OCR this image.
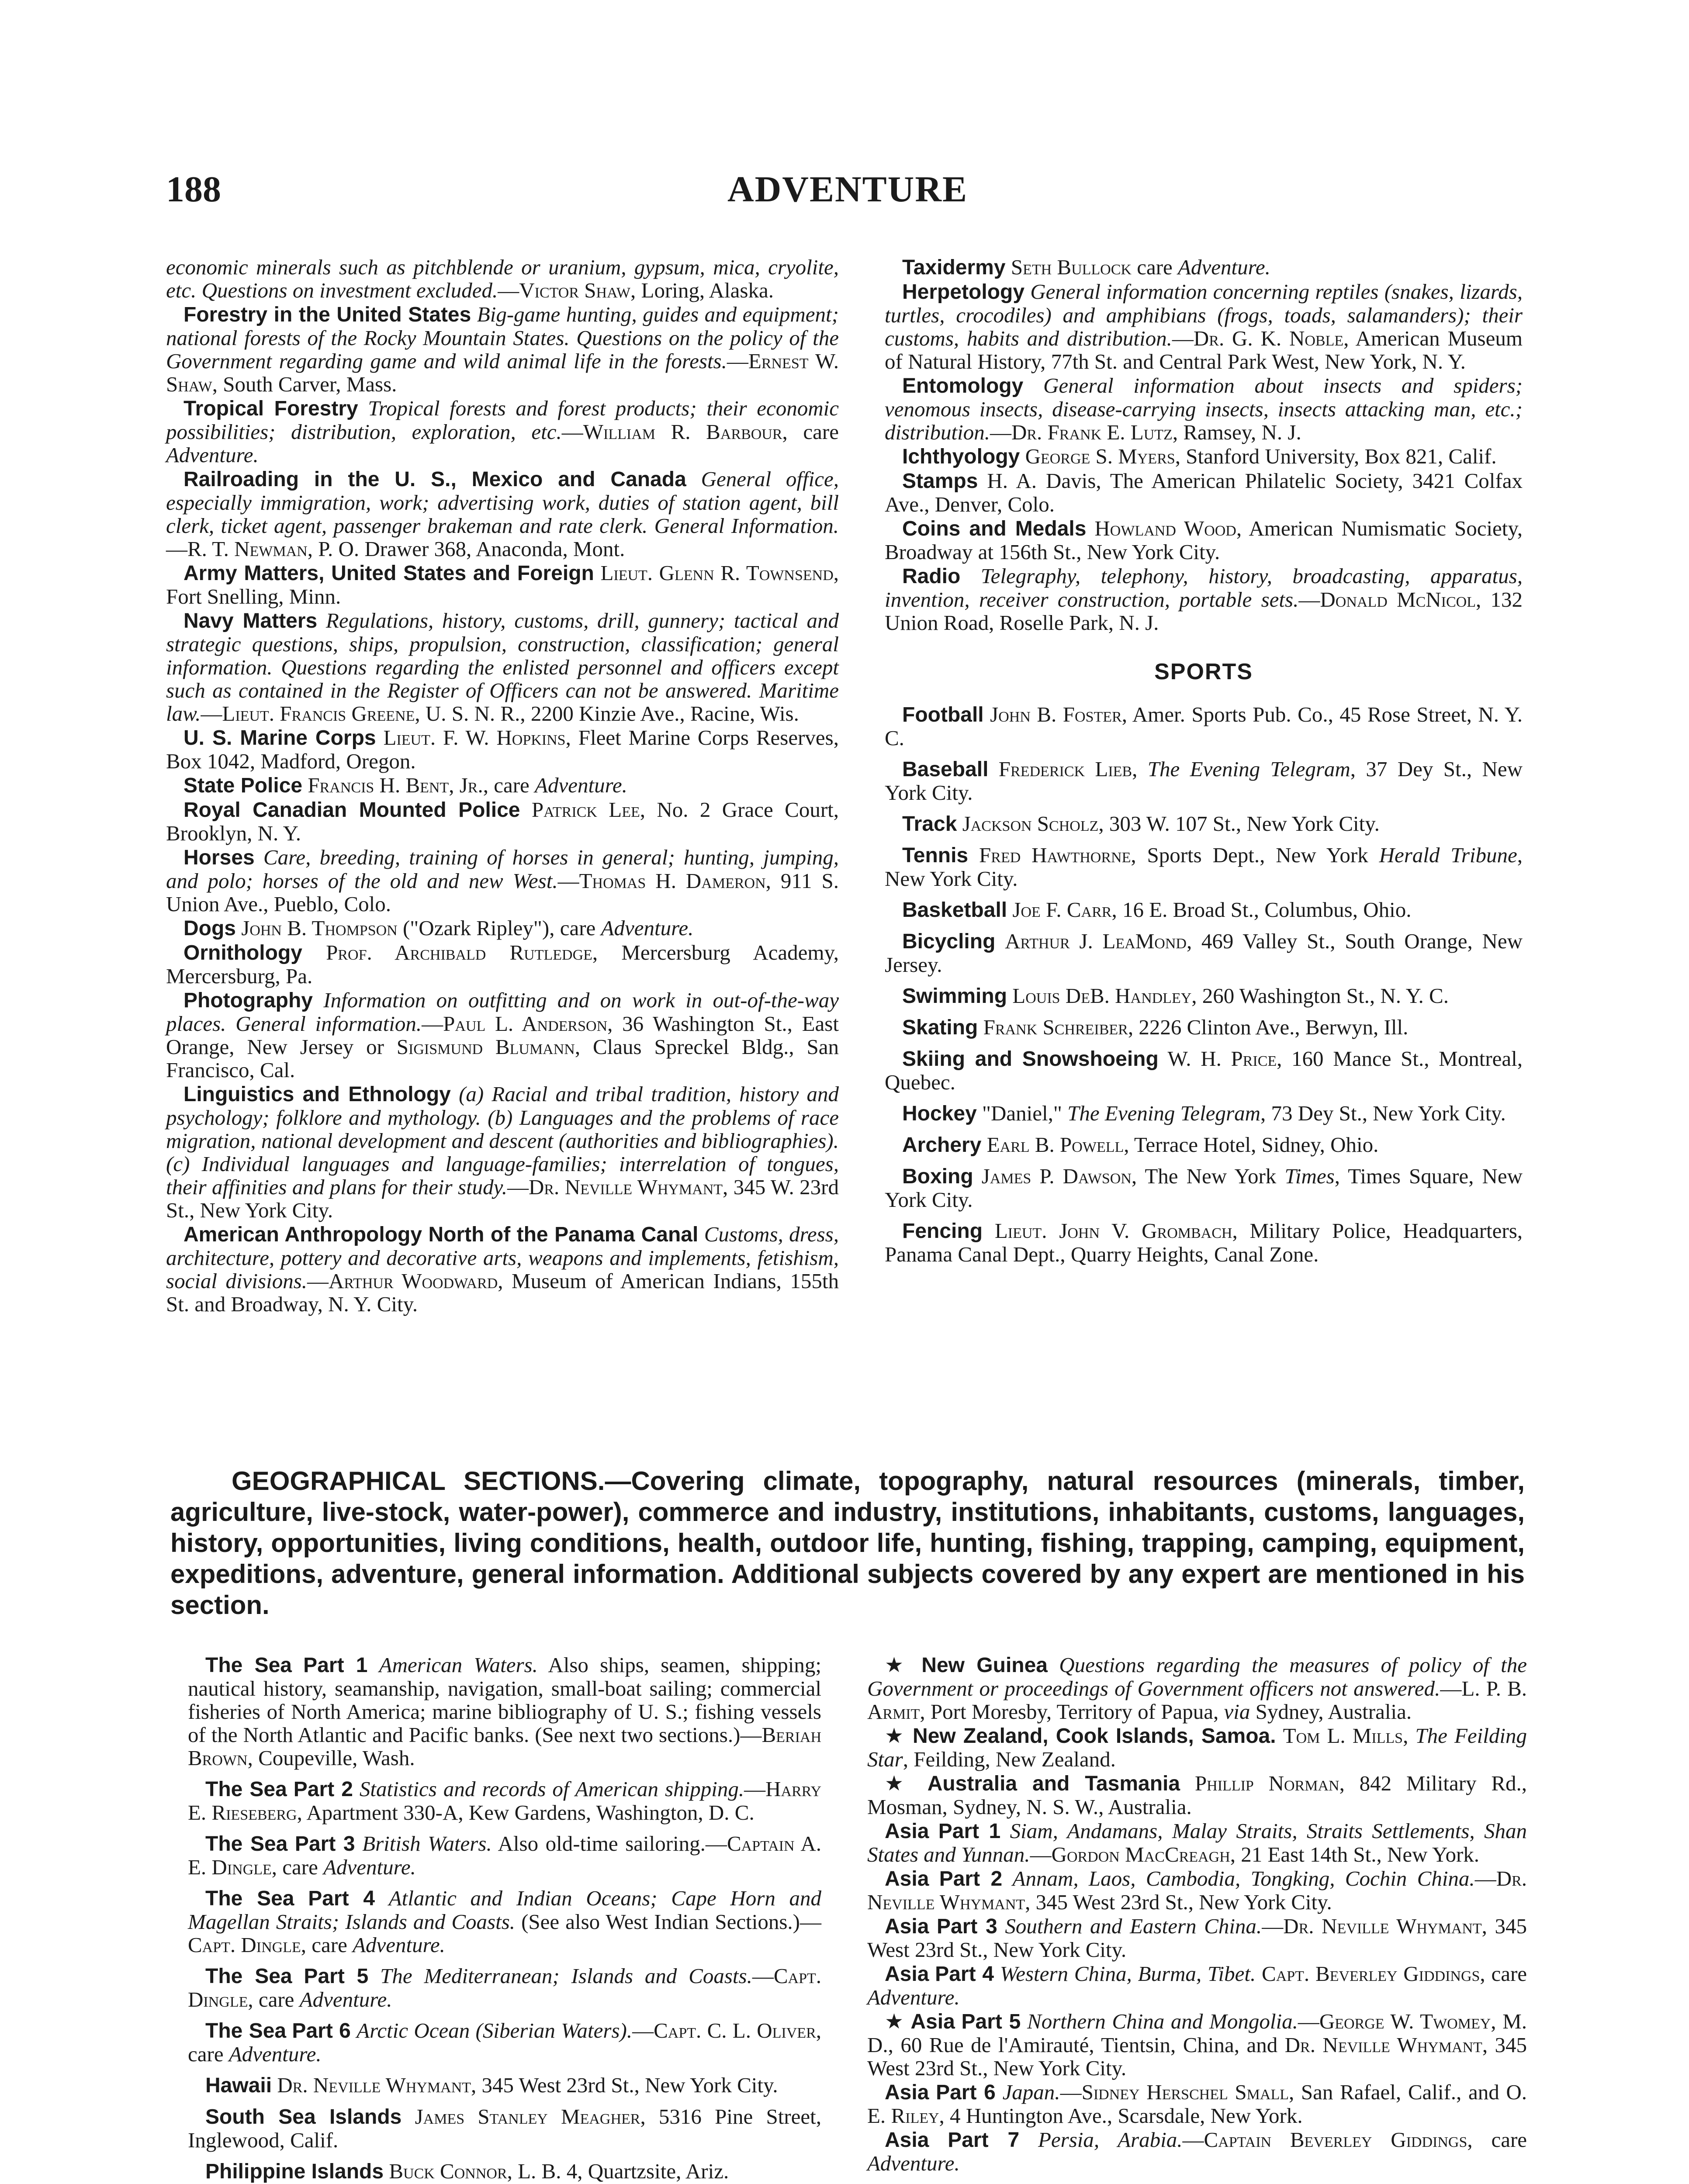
188	ADVENTURE

economic minerals such as pitchblende or uranium, gypsum, mica, cryolite, etc. Questions on investment excluded.—Victor Shaw, Loring, Alaska.

Forestry in the United States Big-game hunting, guides and equipment; national forests of the Rocky Mountain States. Questions on the policy of the Government regarding game and wild animal life in the forests.—Ernest W. Shaw, South Carver, Mass.

Tropical Forestry Tropical forests and forest products; their economic possibilities; distribution, exploration, etc.—William R. Barbour, care Adventure.

Railroading in the U. S., Mexico and Canada General office, especially immigration, work; advertising work, duties of station agent, bill clerk, ticket agent, passenger brakeman and rate clerk. General Information.—R. T. Newman, P. O. Drawer 368, Anaconda, Mont.

Army Matters, United States and Foreign Lieut. Glenn R. Townsend, Fort Snelling, Minn.

Navy Matters Regulations, history, customs, drill, gunnery; tactical and strategic questions, ships, propulsion, construction, classification; general information. Questions regarding the enlisted personnel and officers except such as contained in the Register of Officers can not be answered. Maritime law.—Lieut. Francis Greene, U. S. N. R., 2200 Kinzie Ave., Racine, Wis.

U. S. Marine Corps Lieut. F. W. Hopkins, Fleet Marine Corps Reserves, Box 1042, Madford, Oregon.

State Police Francis H. Bent, Jr., care Adventure.

Royal Canadian Mounted Police Patrick Lee, No. 2 Grace Court, Brooklyn, N. Y.

Horses Care, breeding, training of horses in general; hunting, jumping, and polo; horses of the old and new West.—Thomas H. Dameron, 911 S. Union Ave., Pueblo, Colo.

Dogs John B. Thompson ("Ozark Ripley"), care Adventure.

Ornithology Prof. Archibald Rutledge, Mercersburg Academy, Mercersburg, Pa.

Photography Information on outfitting and on work in out-of-the-way places. General information.—Paul L. Anderson, 36 Washington St., East Orange, New Jersey or Sigismund Blumann, Claus Spreckel Bldg., San Francisco, Cal.

Linguistics and Ethnology (a) Racial and tribal tradition, history and psychology; folklore and mythology. (b) Languages and the problems of race migration, national development and descent (authorities and bibliographies). (c) Individual languages and language-families; interrelation of tongues, their affinities and plans for their study.—Dr. Neville Whymant, 345 W. 23rd St., New York City.

American Anthropology North of the Panama Canal Customs, dress, architecture, pottery and decorative arts, weapons and implements, fetishism, social divisions.—Arthur Woodward, Museum of American Indians, 155th St. and Broadway, N. Y. City.

Taxidermy Seth Bullock care Adventure.

Herpetology General information concerning reptiles (snakes, lizards, turtles, crocodiles) and amphibians (frogs, toads, salamanders); their customs, habits and distribution.—Dr. G. K. Noble, American Museum of Natural History, 77th St. and Central Park West, New York, N. Y.

Entomology General information about insects and spiders; venomous insects, disease-carrying insects, insects attacking man, etc.; distribution.—Dr. Frank E. Lutz, Ramsey, N. J.

Ichthyology George S. Myers, Stanford University, Box 821, Calif.

Stamps H. A. Davis, The American Philatelic Society, 3421 Colfax Ave., Denver, Colo.

Coins and Medals Howland Wood, American Numismatic Society, Broadway at 156th St., New York City.

Radio Telegraphy, telephony, history, broadcasting, apparatus, invention, receiver construction, portable sets.—Donald McNicol, 132 Union Road, Roselle Park, N. J.

SPORTS

Football John B. Foster, Amer. Sports Pub. Co., 45 Rose Street, N. Y. C.

Baseball Frederick Lieb, The Evening Telegram, 37 Dey St., New York City.

Track Jackson Scholz, 303 W. 107 St., New York City.

Tennis Fred Hawthorne, Sports Dept., New York Herald Tribune, New York City.

Basketball Joe F. Carr, 16 E. Broad St., Columbus, Ohio.

Bicycling Arthur J. LeaMond, 469 Valley St., South Orange, New Jersey.

Swimming Louis DeB. Handley, 260 Washington St., N. Y. C.

Skating Frank Schreiber, 2226 Clinton Ave., Berwyn, Ill.

Skiing and Snowshoeing W. H. Price, 160 Mance St., Montreal, Quebec.

Hockey "Daniel," The Evening Telegram, 73 Dey St., New York City.

Archery Earl B. Powell, Terrace Hotel, Sidney, Ohio.

Boxing James P. Dawson, The New York Times, Times Square, New York City.

Fencing Lieut. John V. Grombach, Military Police, Headquarters, Panama Canal Dept., Quarry Heights, Canal Zone.

GEOGRAPHICAL SECTIONS.—Covering climate, topography, natural resources (minerals, timber, agriculture, live-stock, water-power), commerce and industry, institutions, inhabitants, customs, languages, history, opportunities, living conditions, health, outdoor life, hunting, fishing, trapping, camping, equipment, expeditions, adventure, general information. Additional subjects covered by any expert are mentioned in his section.

The Sea Part 1 American Waters. Also ships, seamen, shipping; nautical history, seamanship, navigation, small-boat sailing; commercial fisheries of North America; marine bibliography of U. S.; fishing vessels of the North Atlantic and Pacific banks. (See next two sections.)—Beriah Brown, Coupeville, Wash.

The Sea Part 2 Statistics and records of American shipping.—Harry E. Rieseberg, Apartment 330-A, Kew Gardens, Washington, D. C.

The Sea Part 3 British Waters. Also old-time sailoring.—Captain A. E. Dingle, care Adventure.

The Sea Part 4 Atlantic and Indian Oceans; Cape Horn and Magellan Straits; Islands and Coasts. (See also West Indian Sections.)—Capt. Dingle, care Adventure.

The Sea Part 5 The Mediterranean; Islands and Coasts.—Capt. Dingle, care Adventure.

The Sea Part 6 Arctic Ocean (Siberian Waters).—Capt. C. L. Oliver, care Adventure.

Hawaii Dr. Neville Whymant, 345 West 23rd St., New York City.

South Sea Islands James Stanley Meagher, 5316 Pine Street, Inglewood, Calif.

Philippine Islands Buck Connor, L. B. 4, Quartzsite, Ariz.

★ New Guinea Questions regarding the measures of policy of the Government or proceedings of Government officers not answered.—L. P. B. Armit, Port Moresby, Territory of Papua, via Sydney, Australia.

★ New Zealand, Cook Islands, Samoa. Tom L. Mills, The Feilding Star, Feilding, New Zealand.

★ Australia and Tasmania Phillip Norman, 842 Military Rd., Mosman, Sydney, N. S. W., Australia.

Asia Part 1 Siam, Andamans, Malay Straits, Straits Settlements, Shan States and Yunnan.—Gordon MacCreagh, 21 East 14th St., New York.

Asia Part 2 Annam, Laos, Cambodia, Tongking, Cochin China.—Dr. Neville Whymant, 345 West 23rd St., New York City.

Asia Part 3 Southern and Eastern China.—Dr. Neville Whymant, 345 West 23rd St., New York City.

Asia Part 4 Western China, Burma, Tibet. Capt. Beverley Giddings, care Adventure.

★ Asia Part 5 Northern China and Mongolia.—George W. Twomey, M. D., 60 Rue de l'Amirauté, Tientsin, China, and Dr. Neville Whymant, 345 West 23rd St., New York City.

Asia Part 6 Japan.—Sidney Herschel Small, San Rafael, Calif., and O. E. Riley, 4 Huntington Ave., Scarsdale, New York.

Asia Part 7 Persia, Arabia.—Captain Beverley Giddings, care Adventure.
